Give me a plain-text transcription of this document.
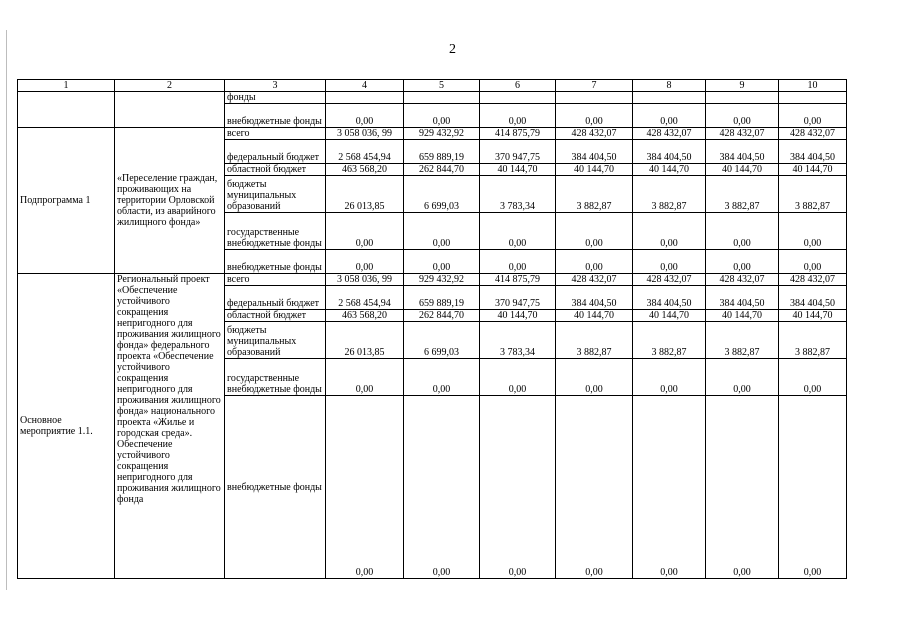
2
1	2	3	4	5	6	7	8	9	10
		фонды							
		внебюджетные фонды	0,00	0,00	0,00	0,00	0,00	0,00	0,00
Подпрограмма 1	«Переселение граждан, проживающих на территории Орловской области, из аварийного жилищного фонда»	всего	3 058 036, 99	929 432,92	414 875,79	428 432,07	428 432,07	428 432,07	428 432,07
		федеральный бюджет	2 568 454,94	659 889,19	370 947,75	384 404,50	384 404,50	384 404,50	384 404,50
		областной бюджет	463 568,20	262 844,70	40 144,70	40 144,70	40 144,70	40 144,70	40 144,70
		бюджеты муниципальных образований	26 013,85	6 699,03	3 783,34	3 882,87	3 882,87	3 882,87	3 882,87
		государственные внебюджетные фонды	0,00	0,00	0,00	0,00	0,00	0,00	0,00
		внебюджетные фонды	0,00	0,00	0,00	0,00	0,00	0,00	0,00
Основное мероприятие 1.1.	Региональный проект «Обеспечение устойчивого сокращения непригодного для проживания жилищного фонда» федерального проекта «Обеспечение устойчивого сокращения непригодного для проживания жилищного фонда» национального проекта «Жилье и городская среда». Обеспечение устойчивого сокращения непригодного для проживания жилищного фонда	всего	3 058 036, 99	929 432,92	414 875,79	428 432,07	428 432,07	428 432,07	428 432,07
		федеральный бюджет	2 568 454,94	659 889,19	370 947,75	384 404,50	384 404,50	384 404,50	384 404,50
		областной бюджет	463 568,20	262 844,70	40 144,70	40 144,70	40 144,70	40 144,70	40 144,70
		бюджеты муниципальных образований	26 013,85	6 699,03	3 783,34	3 882,87	3 882,87	3 882,87	3 882,87
		государственные внебюджетные фонды	0,00	0,00	0,00	0,00	0,00	0,00	0,00
		внебюджетные фонды	0,00	0,00	0,00	0,00	0,00	0,00	0,00
